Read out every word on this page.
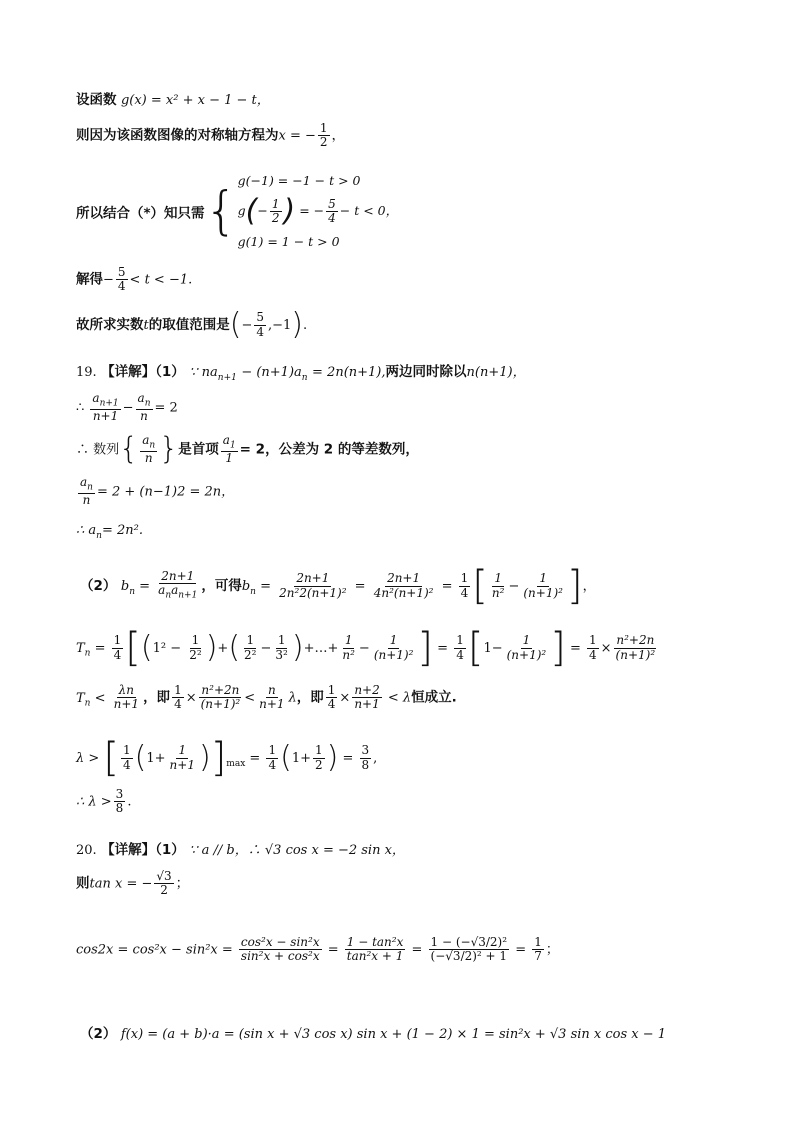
设函数 g(x) = x² + x − 1 − t，
则因为该函数图像的对称轴方程为x = − $\frac{1}{2}$ ，
所以结合（*）知只需{
g(−1) = −1 − t > 0
$g(- \frac{1}{2}$ ) = − $\frac{5}{4} - t < 0$，
g(1) = 1 − t > 0
解得− $\frac{5}{4} < t < -1$.
故所求实数t的取值范围是(− $\frac{5}{4} ,-1$).
19. 【详解】（1） ∵ $na_{n+1} - (n+1)a_n = 2n(n+1)$,两边同时除以n(n+1)，
∴ $\frac{a_{n+1}}{n+1} - \frac{a_n}{n} = 2$
∴ 数列{ $\frac{a_n}{n}$ }是首项 $\frac{a_1}{1} = 2$，公差为 2 的等差数列，
$\frac{a_n}{n} = 2 + (n-1)2 = 2n$，
∴ $a_n= 2n^2$.
（2） $b_n = \frac{2n+1}{a_na_{n+1}}$ ，可得$b_n = \frac{2n+1}{\text{2n²2(n+1)²}} = \frac{2n+1}{\text{4n²(n+1)²}} = \frac{1}{4}$ [ $\frac{1}{\text{n²}} - \frac{1}{\text{(n+1)²}}$ ]，
$T_n = \frac{1}{4} [(1^2 - \frac{1}{\text{2²}}$ )+( $\frac{1}{\text{2²}} - \frac{1}{\text{3²}}$ )+…+ $\frac{1}{\text{n²}} - \frac{1}{\text{(n+1)²}}$ ] = $\frac{1}{4} [1- \frac{1}{\text{(n+1)²}}$ ] = $\frac{1}{4} \times \frac{\text{n²+2n}}{\text{(n+1)²}}$
$T_n < \frac{\lambda n}{n+1}$ ，即 $\frac{1}{4} \times \frac{\text{n²+2n}}{\text{(n+1)²}} < \frac{n}{n+1}$ λ，即 $\frac{1}{4} \times \frac{n+2}{n+1} < \lambda$恒成立.
λ > [ $\frac{1}{4} (1+ \frac{1}{n+1} )]_{max} = \frac{1}{4} (1+ \frac{1}{2}$ ) = $\frac{3}{8}$ ,
∴ $\lambda > \frac{3}{8}$ .
20. 【详解】（1） ∵ a // b，∴ √3 cos x = −2 sin x，
则tan x = − $\frac{√3}{2}$ ；
$\cos 2x = \cos^2x - \sin^2x = \frac{\text{cos²x − sin²x}}{\text{sin²x + cos²x}} = \frac{\text{1 − tan²x}}{\text{tan²x + 1}} = \frac{\text{1 − (−√3/2)²}}{\text{(−√3/2)² + 1}} = \frac{1}{7}$ ；
（2） f(x) = (a + b)·a = (sin x + √3 cos x) sin x + (1 − 2) × 1 = sin²x + √3 sin x cos x − 1
